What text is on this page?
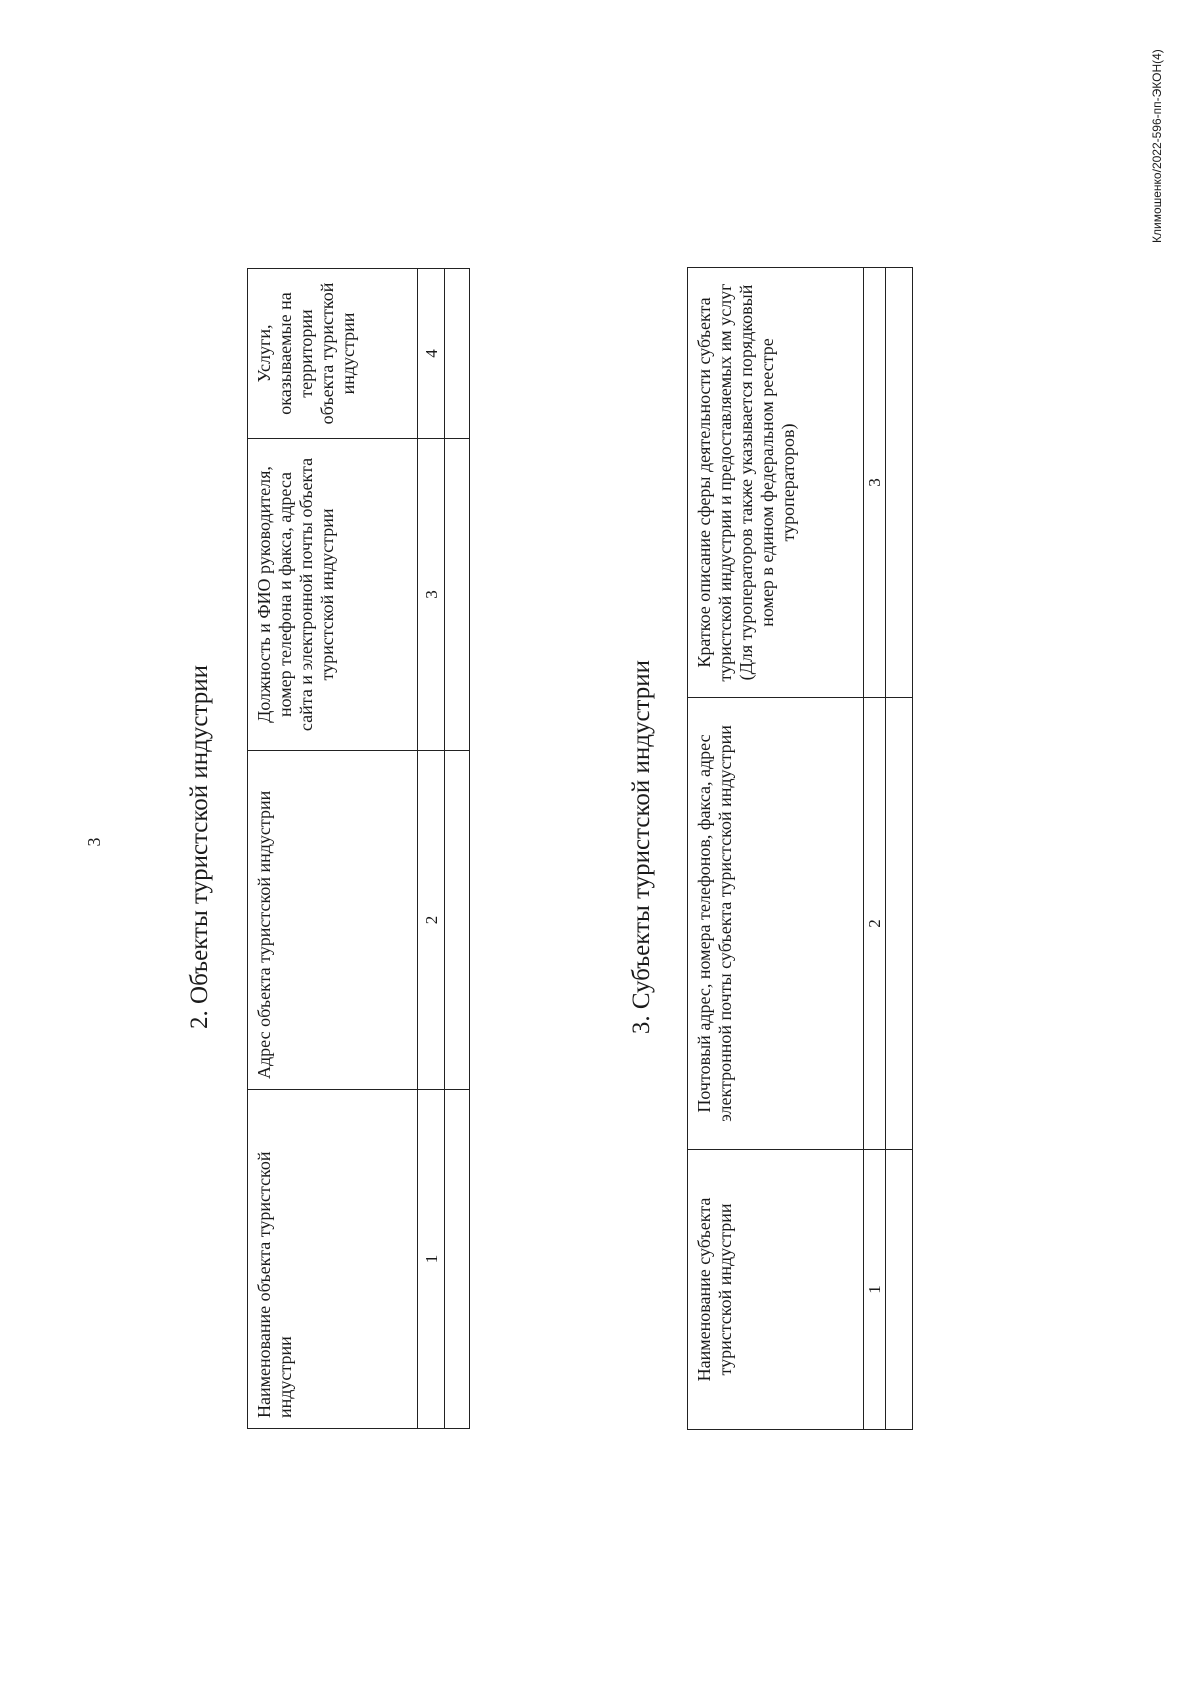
3	2. Объекты туристской индустрии
Наименование объекта туристской индустрии	Адрес объекта туристской индустрии	Должность и ФИО руководителя, номер телефона и факса, адреса сайта и электронной почты объекта туристской индустрии	Услуги, оказываемые на территории объекта туристкой индустрии
1	2	3	4

3. Субъекты туристской индустрии
Наименование субъекта туристской индустрии	Почтовый адрес, номера телефонов, факса, адрес электронной почты субъекта туристской индустрии	Краткое описание сферы деятельности субъекта туристской индустрии и предоставляемых им услуг (Для туроператоров также указывается порядковый номер в едином федеральном реестре туроператоров)
1	2	3

Климошенко/2022-596-пп-ЭКОН(4)
